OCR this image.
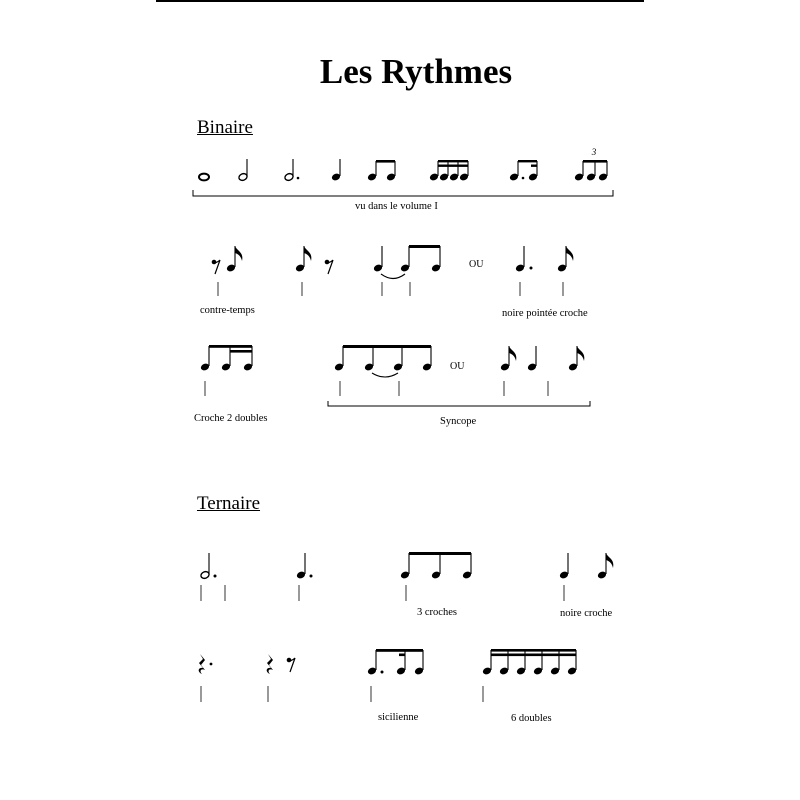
Les Rythmes
Binaire
Ternaire
vu dans le volume I
contre-temps
OU
noire pointée croche
Croche 2 doubles
OU
Syncope
3 croches	noire croche
sicilienne	6 doubles
3
